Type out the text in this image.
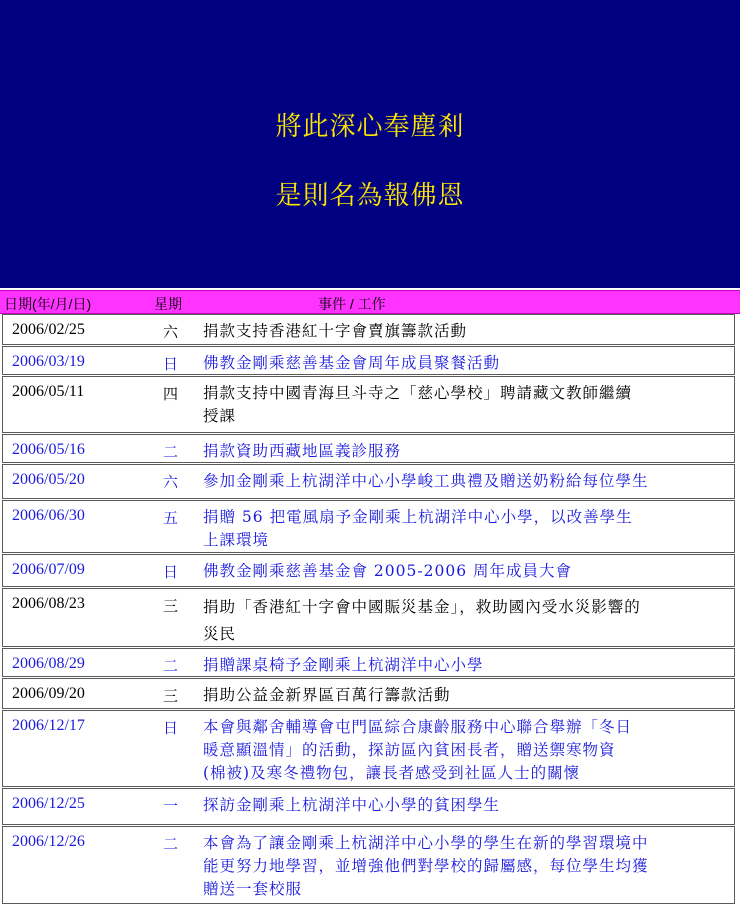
將此深心奉塵剎
是則名為報佛恩
日期(年/月/日)	星期	事件 / 工作
2006/02/25	六 捐款支持香港紅十字會賣旗籌款活動
2006/03/19	日 佛教金剛乘慈善基金會周年成員聚餐活動
2006/05/11	四 捐款支持中國青海旦斗寺之「慈心學校」聘請藏文教師繼續
授課
2006/05/16	二 捐款資助西藏地區義診服務
2006/05/20	六 參加金剛乘上杭湖洋中心小學峻工典禮及贈送奶粉給每位學生
2006/06/30	五 捐贈 56 把電風扇予金剛乘上杭湖洋中心小學，以改善學生
上課環境
2006/07/09	日 佛教金剛乘慈善基金會 2005-2006 周年成員大會
2006/08/23	三 捐助「香港紅十字會中國賑災基金」，救助國內受水災影響的
災民
2006/08/29	二 捐贈課桌椅予金剛乘上杭湖洋中心小學
2006/09/20	三 捐助公益金新界區百萬行籌款活動
2006/12/17	日 本會與鄰舍輔導會屯門區綜合康齡服務中心聯合舉辦「冬日
暖意顯溫情」的活動，探訪區內貧困長者，贈送禦寒物資
(棉被)及寒冬禮物包，讓長者感受到社區人士的關懷
2006/12/25	一 探訪金剛乘上杭湖洋中心小學的貧困學生
2006/12/26	二 本會為了讓金剛乘上杭湖洋中心小學的學生在新的學習環境中
能更努力地學習，並增強他們對學校的歸屬感，每位學生均獲
贈送一套校服
